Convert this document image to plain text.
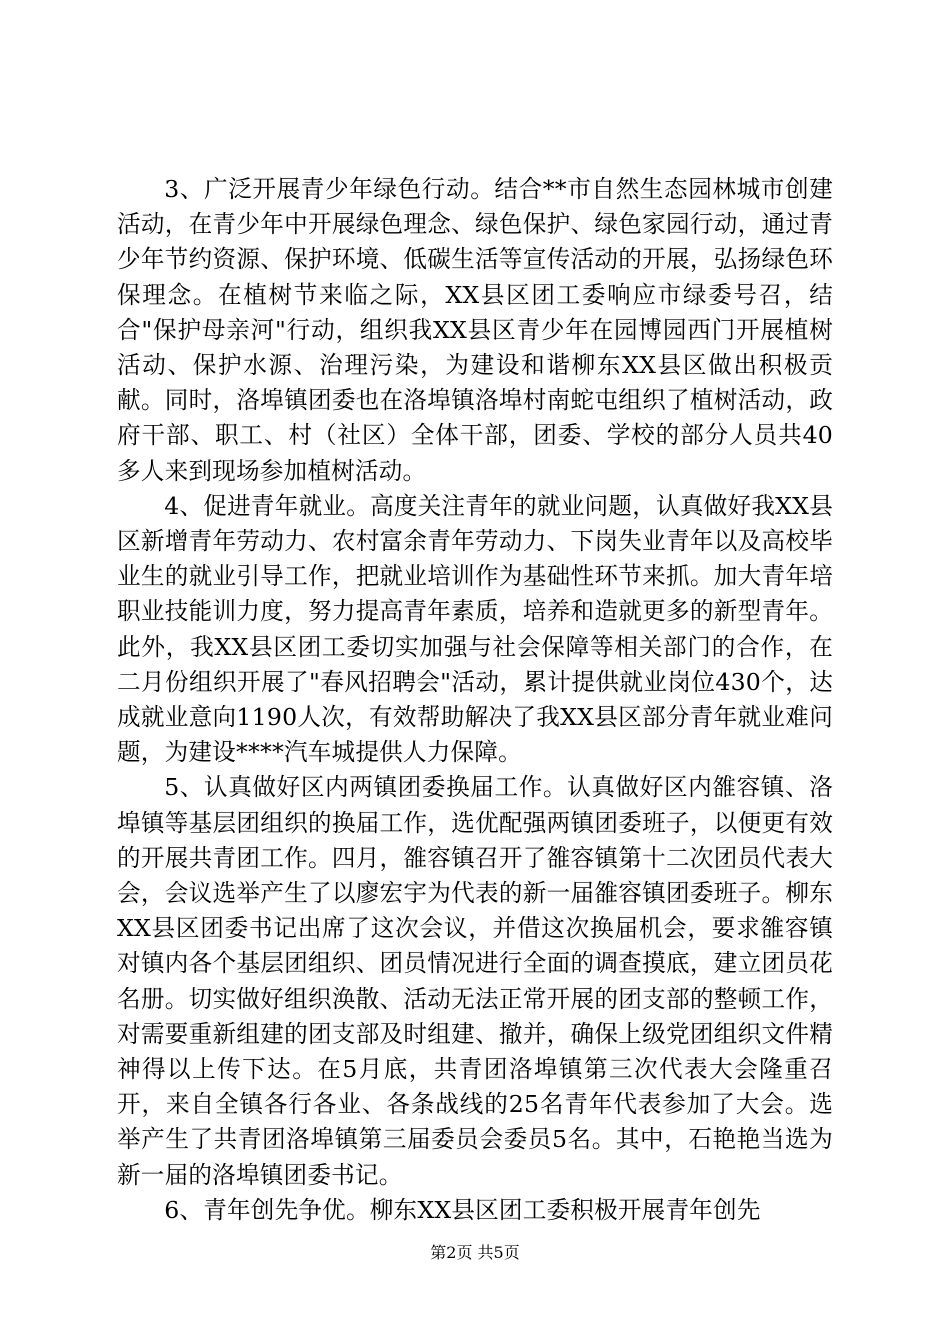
3、广泛开展青少年绿色行动。结合**市自然生态园林城市创建活动，在青少年中开展绿色理念、绿色保护、绿色家园行动，通过青少年节约资源、保护环境、低碳生活等宣传活动的开展，弘扬绿色环保理念。在植树节来临之际，XX县区团工委响应市绿委号召，结合"保护母亲河"行动，组织我XX县区青少年在园博园西门开展植树活动、保护水源、治理污染，为建设和谐柳东XX县区做出积极贡献。同时，洛埠镇团委也在洛埠镇洛埠村南蛇屯组织了植树活动，政府干部、职工、村（社区）全体干部，团委、学校的部分人员共40多人来到现场参加植树活动。

4、促进青年就业。高度关注青年的就业问题，认真做好我XX县区新增青年劳动力、农村富余青年劳动力、下岗失业青年以及高校毕业生的就业引导工作，把就业培训作为基础性环节来抓。加大青年培职业技能训力度，努力提高青年素质，培养和造就更多的新型青年。此外，我XX县区团工委切实加强与社会保障等相关部门的合作，在二月份组织开展了"春风招聘会"活动，累计提供就业岗位430个，达成就业意向1190人次，有效帮助解决了我XX县区部分青年就业难问题，为建设****汽车城提供人力保障。

5、认真做好区内两镇团委换届工作。认真做好区内雒容镇、洛埠镇等基层团组织的换届工作，选优配强两镇团委班子，以便更有效的开展共青团工作。四月，雒容镇召开了雒容镇第十二次团员代表大会，会议选举产生了以廖宏宇为代表的新一届雒容镇团委班子。柳东XX县区团委书记出席了这次会议，并借这次换届机会，要求雒容镇对镇内各个基层团组织、团员情况进行全面的调查摸底，建立团员花名册。切实做好组织涣散、活动无法正常开展的团支部的整顿工作，对需要重新组建的团支部及时组建、撤并，确保上级党团组织文件精神得以上传下达。在5月底，共青团洛埠镇第三次代表大会隆重召开，来自全镇各行各业、各条战线的25名青年代表参加了大会。选举产生了共青团洛埠镇第三届委员会委员5名。其中，石艳艳当选为新一届的洛埠镇团委书记。

6、青年创先争优。柳东XX县区团工委积极开展青年创先

第2页 共5页
